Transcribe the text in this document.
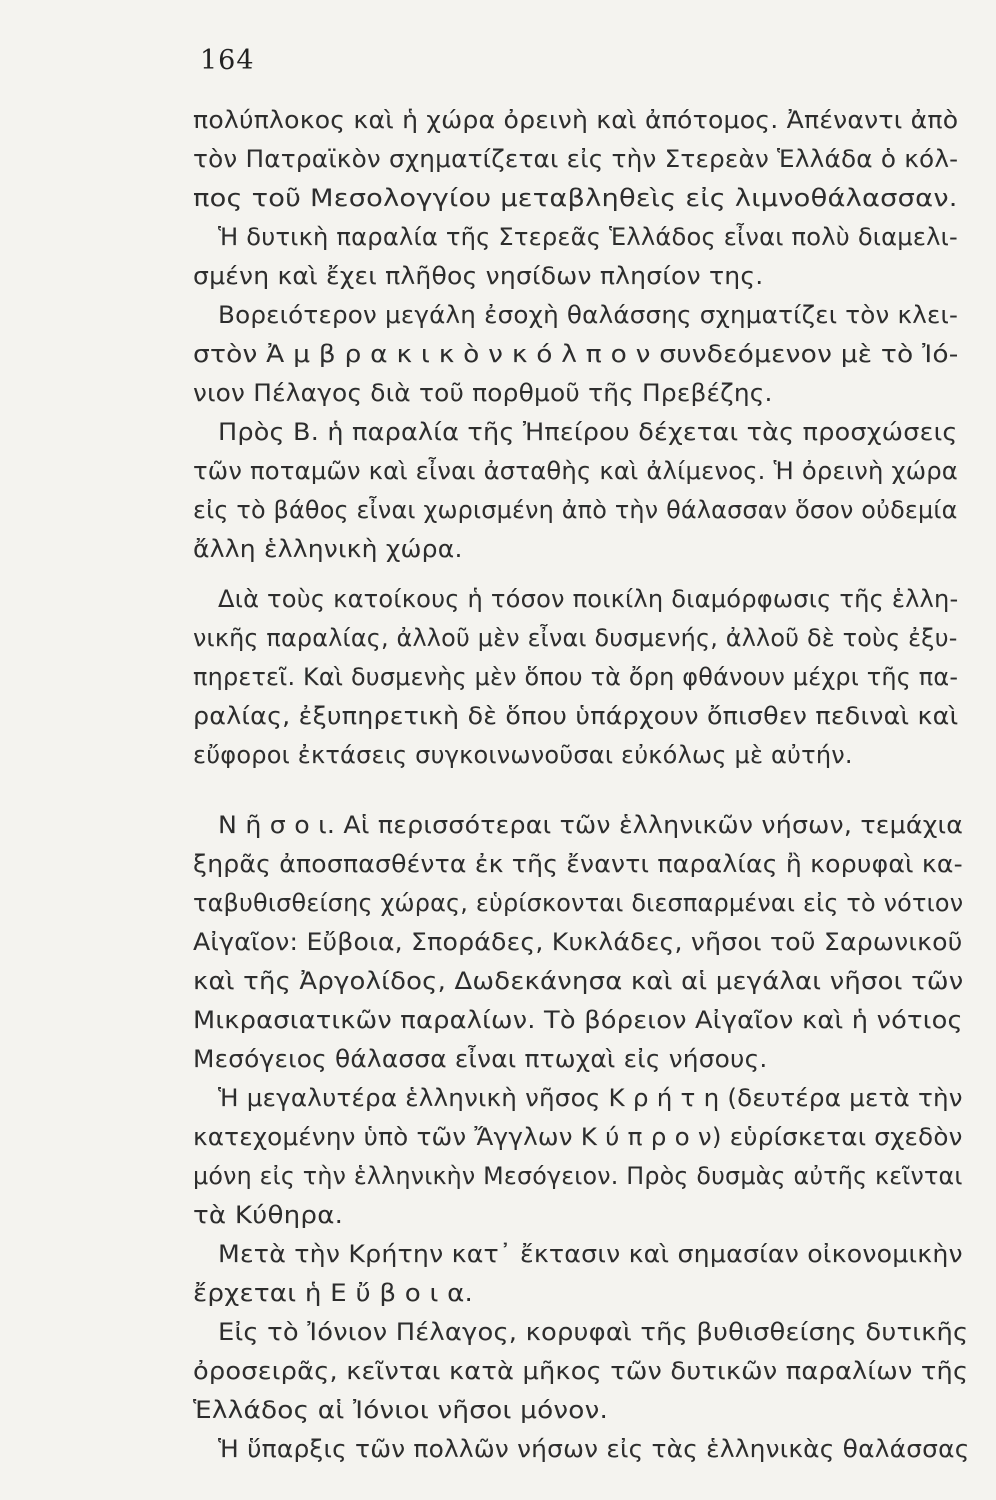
164
πολύπλοκος καὶ ἡ χώρα ὀρεινὴ καὶ ἀπότομος. Ἀπέναντι ἀπὸ
τὸν Πατραϊκὸν σχηματίζεται εἰς τὴν Στερεὰν Ἑλλάδα ὁ κόλ-
πος τοῦ Μεσολογγίου μεταβληθεὶς εἰς λιμνοθάλασσαν.
Ἡ δυτικὴ παραλία τῆς Στερεᾶς Ἑλλάδος εἶναι πολὺ διαμελι-
σμένη καὶ ἔχει πλῆθος νησίδων πλησίον της.
Βορειότερον μεγάλη ἐσοχὴ θαλάσσης σχηματίζει τὸν κλει-
στὸν Ἀ μ β ρ α κ ι κ ὸ ν κ ό λ π ο ν συνδεόμενον μὲ τὸ Ἰό-
νιον Πέλαγος διὰ τοῦ πορθμοῦ τῆς Πρεβέζης.
Πρὸς Β. ἡ παραλία τῆς Ἠπείρου δέχεται τὰς προσχώσεις
τῶν ποταμῶν καὶ εἶναι ἀσταθὴς καὶ ἀλίμενος. Ἡ ὀρεινὴ χώρα
εἰς τὸ βάθος εἶναι χωρισμένη ἀπὸ τὴν θάλασσαν ὅσον οὐδεμία
ἄλλη ἑλληνικὴ χώρα.
Διὰ τοὺς κατοίκους ἡ τόσον ποικίλη διαμόρφωσις τῆς ἑλλη-
νικῆς παραλίας, ἀλλοῦ μὲν εἶναι δυσμενής, ἀλλοῦ δὲ τοὺς ἐξυ-
πηρετεῖ. Καὶ δυσμενὴς μὲν ὅπου τὰ ὄρη φθάνουν μέχρι τῆς πα-
ραλίας, ἐξυπηρετικὴ δὲ ὅπου ὑπάρχουν ὄπισθεν πεδιναὶ καὶ
εὔφοροι ἐκτάσεις συγκοινωνοῦσαι εὐκόλως μὲ αὐτήν.
Ν ῆ σ ο ι. Αἱ περισσότεραι τῶν ἑλληνικῶν νήσων, τεμάχια
ξηρᾶς ἀποσπασθέντα ἐκ τῆς ἔναντι παραλίας ἢ κορυφαὶ κα-
ταβυθισθείσης χώρας, εὑρίσκονται διεσπαρμέναι εἰς τὸ νότιον
Αἰγαῖον: Εὔβοια, Σποράδες, Κυκλάδες, νῆσοι τοῦ Σαρωνικοῦ
καὶ τῆς Ἀργολίδος, Δωδεκάνησα καὶ αἱ μεγάλαι νῆσοι τῶν
Μικρασιατικῶν παραλίων. Τὸ βόρειον Αἰγαῖον καὶ ἡ νότιος
Μεσόγειος θάλασσα εἶναι πτωχαὶ εἰς νήσους.
Ἡ μεγαλυτέρα ἑλληνικὴ νῆσος Κ ρ ή τ η (δευτέρα μετὰ τὴν
κατεχομένην ὑπὸ τῶν Ἄγγλων Κ ύ π ρ ο ν) εὑρίσκεται σχεδὸν
μόνη εἰς τὴν ἑλληνικὴν Μεσόγειον. Πρὸς δυσμὰς αὐτῆς κεῖνται
τὰ Κύθηρα.
Μετὰ τὴν Κρήτην κατ᾽ ἔκτασιν καὶ σημασίαν οἰκονομικὴν
ἔρχεται ἡ Ε ὔ β ο ι α.
Εἰς τὸ Ἰόνιον Πέλαγος, κορυφαὶ τῆς βυθισθείσης δυτικῆς
ὀροσειρᾶς, κεῖνται κατὰ μῆκος τῶν δυτικῶν παραλίων τῆς
Ἑλλάδος αἱ Ἰόνιοι νῆσοι μόνον.
Ἡ ὕπαρξις τῶν πολλῶν νήσων εἰς τὰς ἑλληνικὰς θαλάσσας
